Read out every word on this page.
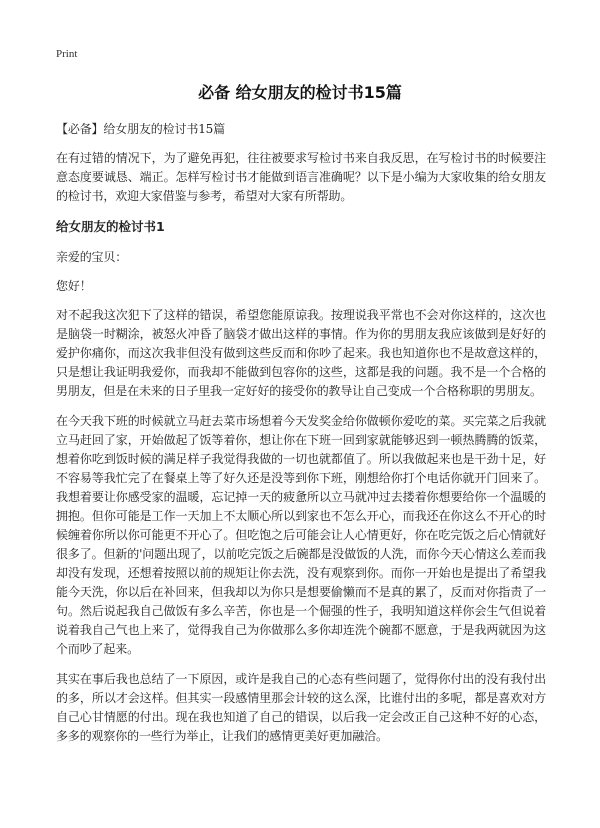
Print
必备 给女朋友的检讨书15篇

【必备】给女朋友的检讨书15篇

在有过错的情况下，为了避免再犯，往往被要求写检讨书来自我反思，在写检讨书的时候要注意态度要诚恳、端正。怎样写检讨书才能做到语言准确呢？以下是小编为大家收集的给女朋友的检讨书，欢迎大家借鉴与参考，希望对大家有所帮助。

给女朋友的检讨书1

亲爱的宝贝：

您好！

对不起我这次犯下了这样的错误，希望您能原谅我。按理说我平常也不会对你这样的，这次也是脑袋一时糊涂，被怒火冲昏了脑袋才做出这样的事情。作为你的男朋友我应该做到是好好的爱护你痛你，而这次我非但没有做到这些反而和你吵了起来。我也知道你也不是故意这样的，只是想让我证明我爱你，而我却不能做到包容你的这些，这都是我的问题。我不是一个合格的男朋友，但是在未来的日子里我一定好好的接受你的教导让自己变成一个合格称职的男朋友。

在今天我下班的时候就立马赶去菜市场想着今天发奖金给你做顿你爱吃的菜。买完菜之后我就立马赶回了家，开始做起了饭等着你，想让你在下班一回到家就能够迟到一顿热腾腾的饭菜，想着你吃到饭时候的满足样子我觉得我做的一切也就都值了。所以我做起来也是干劲十足，好不容易等我忙完了在餐桌上等了好久还是没等到你下班，刚想给你打个电话你就开门回来了。我想着要让你感受家的温暖，忘记掉一天的疲惫所以立马就冲过去搂着你想要给你一个温暖的拥抱。但你可能是工作一天加上不太顺心所以到家也不怎么开心，而我还在你这么不开心的时候缠着你所以你可能更不开心了。但吃饱之后可能会让人心情更好，你在吃完饭之后心情就好很多了。但新的'问题出现了，以前吃完饭之后碗都是没做饭的人洗，而你今天心情这么差而我却没有发现，还想着按照以前的规矩让你去洗，没有观察到你。而你一开始也是提出了希望我能今天洗，你以后在补回来，但我却以为你只是想要偷懒而不是真的累了，反而对你指责了一句。然后说起我自己做饭有多么辛苦，你也是一个倔强的性子，我明知道这样你会生气但说着说着我自己气也上来了，觉得我自己为你做那么多你却连洗个碗都不愿意，于是我两就因为这个而吵了起来。

其实在事后我也总结了一下原因，或许是我自己的心态有些问题了，觉得你付出的没有我付出的多，所以才会这样。但其实一段感情里那会计较的这么深，比谁付出的多呢，都是喜欢对方自己心甘情愿的付出。现在我也知道了自己的错误，以后我一定会改正自己这种不好的心态，多多的观察你的一些行为举止，让我们的感情更美好更加融洽。
